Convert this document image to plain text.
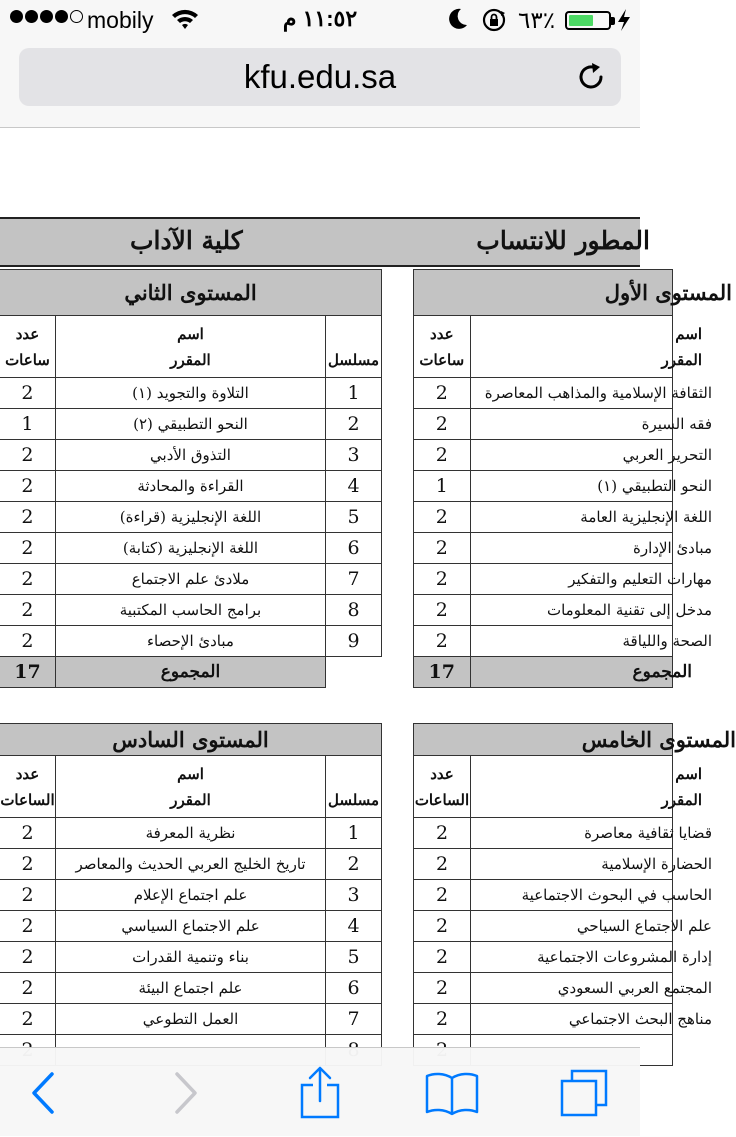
mobily	١١:٥٢ م	٪٦٣
kfu.edu.sa
المطور للانتساب
كلية الآداب
المستوى الثاني		
عدد
ساعات	اسم
المقرر	مسلسل
2	التلاوة والتجويد (١)	1
1	النحو التطبيقي (٢)	2
2	التذوق الأدبي	3
2	القراءة والمحادثة	4
2	اللغة الإنجليزية (قراءة)	5
2	اللغة الإنجليزية (كتابة)	6
2	ملادئ علم الاجتماع	7
2	برامج الحاسب المكتبية	8
2	مبادئ الإحصاء	9
17	المجموع	
المستوى الأول	
عدد
ساعات	اسم
المقرر
2	الثقافة الإسلامية والمذاهب المعاصرة
2	فقه السيرة
2	التحرير العربي
1	النحو التطبيقي (١)
2	اللغة الإنجليزية العامة
2	مبادئ الإدارة
2	مهارات التعليم والتفكير
2	مدخل إلى تقنية المعلومات
2	الصحة واللياقة
17	المجموع
المستوى السادس		
عدد
الساعات	اسم
المقرر	مسلسل
2	نظرية المعرفة	1
2	تاريخ الخليج العربي الحديث والمعاصر	2
2	علم اجتماع الإعلام	3
2	علم الاجتماع السياسي	4
2	بناء وتنمية القدرات	5
2	علم اجتماع البيئة	6
2	العمل التطوعي	7

المستوى الخامس	
عدد
الساعات	اسم
المقرر
2	قضايا ثقافية معاصرة
2	الحضارة الإسلامية
2	الحاسب في البحوث الاجتماعية
2	علم الاجتماع السياحي
2	إدارة المشروعات الاجتماعية
2	المجتمع العربي السعودي
2	مناهج البحث الاجتماعي
